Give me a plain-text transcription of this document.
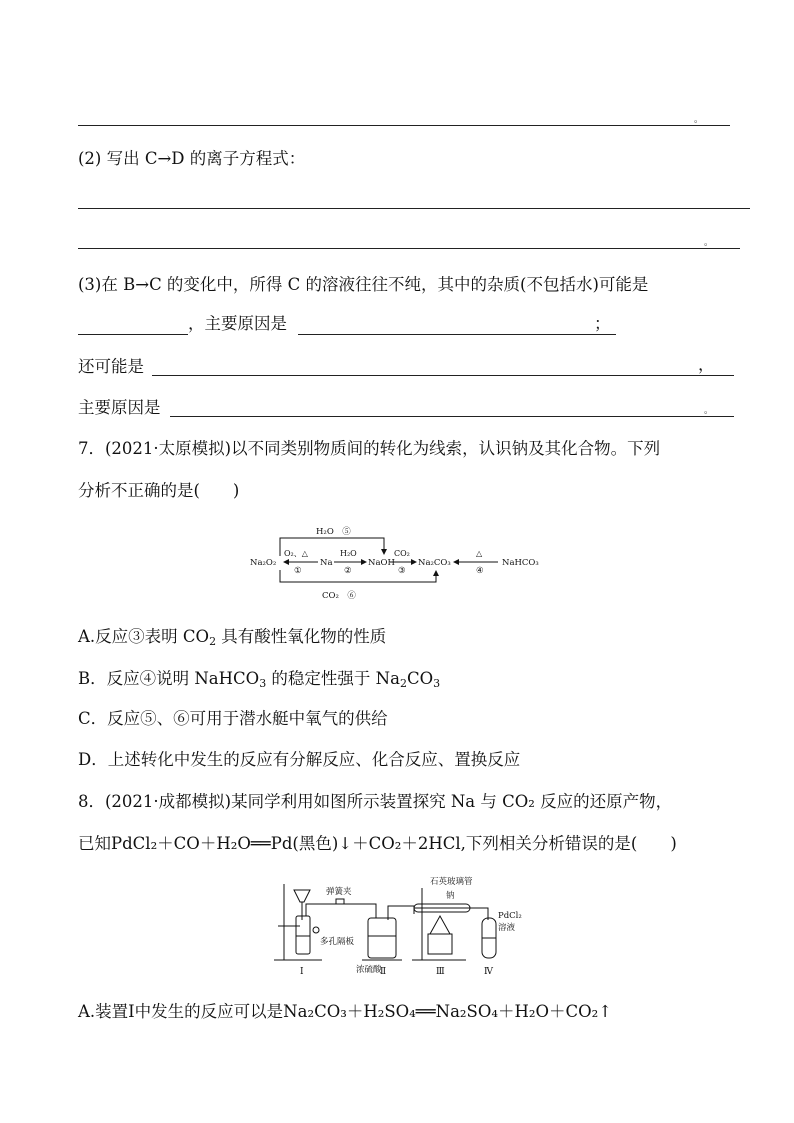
。
(2) 写出 C→D 的离子方程式：
。
(3)在 B→C 的变化中，所得 C 的溶液往往不纯，其中的杂质(不包括水)可能是
，主要原因是	；
还可能是	，
主要原因是	。
7．(2021·太原模拟)以不同类别物质间的转化为线索，认识钠及其化合物。下列
分析不正确的是(　　)
H₂O　⑤
CO₂　⑥
Na₂O₂	Na	NaOH	Na₂CO₃	NaHCO₃
O₂、△
①
H₂O
②
CO₂
③
△
④
A.反应③表明 $CO_2$ 具有酸性氧化物的性质
B．反应④说明 NaHCO$_3$ 的稳定性强于 $Na_2CO_3$
C．反应⑤、⑥可用于潜水艇中氧气的供给
D．上述转化中发生的反应有分解反应、化合反应、置换反应
8．(2021·成都模拟)某同学利用如图所示装置探究 Na 与 CO₂ 反应的还原产物，
已知PdCl₂＋CO＋H₂O══Pd(黑色)↓＋CO₂＋2HCl,下列相关分析错误的是(　　)
弹簧夹
多孔隔板
浓硫酸
石英玻璃管
钠
PdCl₂
溶液
Ⅰ	Ⅱ	Ⅲ	Ⅳ
A.装置Ⅰ中发生的反应可以是Na₂CO₃＋H₂SO₄══Na₂SO₄＋H₂O＋CO₂↑
